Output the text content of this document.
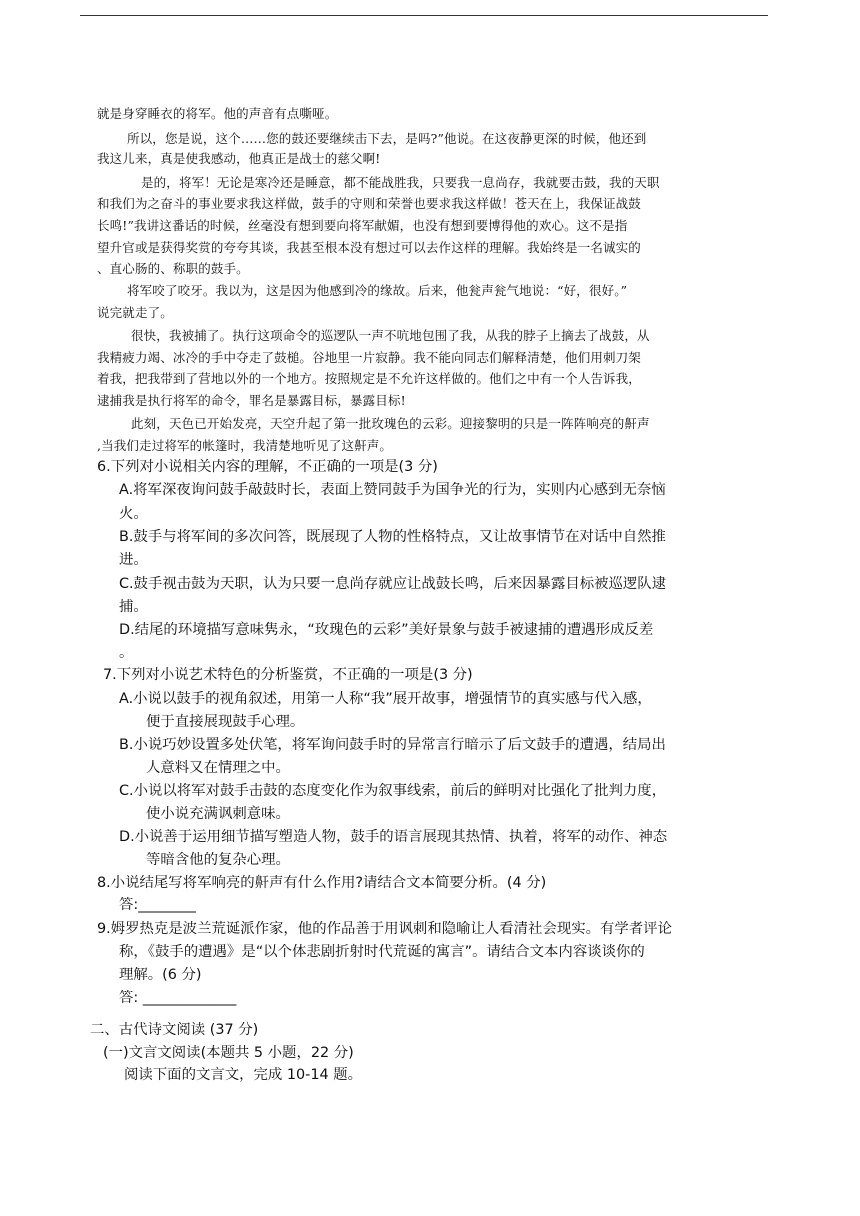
就是身穿睡衣的将军。他的声音有点嘶哑。
所以，您是说，这个……您的鼓还要继续击下去，是吗?”他说。在这夜静更深的时候，他还到
我这儿来，真是使我感动，他真正是战士的慈父啊!
是的，将军！无论是寒冷还是睡意，都不能战胜我，只要我一息尚存，我就要击鼓，我的天职
和我们为之奋斗的事业要求我这样做，鼓手的守则和荣誉也要求我这样做！苍天在上，我保证战鼓
长鸣!”我讲这番话的时候，丝毫没有想到要向将军献媚，也没有想到要博得他的欢心。这不是指
望升官或是获得奖赏的夸夸其谈，我甚至根本没有想过可以去作这样的理解。我始终是一名诚实的
、直心肠的、称职的鼓手。
将军咬了咬牙。我以为，这是因为他感到冷的缘故。后来，他瓮声瓮气地说：“好，很好。”
说完就走了。
很快，我被捕了。执行这项命令的巡逻队一声不吭地包围了我，从我的脖子上摘去了战鼓，从
我精疲力竭、冰冷的手中夺走了鼓槌。谷地里一片寂静。我不能向同志们解释清楚，他们用刺刀架
着我，把我带到了营地以外的一个地方。按照规定是不允许这样做的。他们之中有一个人告诉我，
逮捕我是执行将军的命令，罪名是暴露目标，暴露目标!
此刻，天色已开始发亮，天空升起了第一批玫瑰色的云彩。迎接黎明的只是一阵阵响亮的鼾声
,当我们走过将军的帐篷时，我清楚地听见了这鼾声。
6.下列对小说相关内容的理解，不正确的一项是(3 分)
A.将军深夜询问鼓手敲鼓时长，表面上赞同鼓手为国争光的行为，实则内心感到无奈恼
火。
B.鼓手与将军间的多次问答，既展现了人物的性格特点，又让故事情节在对话中自然推
进。
C.鼓手视击鼓为天职，认为只要一息尚存就应让战鼓长鸣，后来因暴露目标被巡逻队逮
捕。
D.结尾的环境描写意味隽永，“玫瑰色的云彩”美好景象与鼓手被逮捕的遭遇形成反差
。
7.下列对小说艺术特色的分析鉴赏，不正确的一项是(3 分)
A.小说以鼓手的视角叙述，用第一人称“我”展开故事，增强情节的真实感与代入感，
便于直接展现鼓手心理。
B.小说巧妙设置多处伏笔，将军询问鼓手时的异常言行暗示了后文鼓手的遭遇，结局出
人意料又在情理之中。
C.小说以将军对鼓手击鼓的态度变化作为叙事线索，前后的鲜明对比强化了批判力度，
使小说充满讽刺意味。
D.小说善于运用细节描写塑造人物，鼓手的语言展现其热情、执着，将军的动作、神态
等暗含他的复杂心理。
8.小说结尾写将军响亮的鼾声有什么作用?请结合文本简要分析。(4 分)
答:________
9.姆罗热克是波兰荒诞派作家，他的作品善于用讽刺和隐喻让人看清社会现实。有学者评论
称，《鼓手的遭遇》是“以个体悲剧折射时代荒诞的寓言”。请结合文本内容谈谈你的
理解。(6 分)
答: _____________
二、古代诗文阅读 (37 分)
(一)文言文阅读(本题共 5 小题，22 分)
阅读下面的文言文，完成 10-14 题。
